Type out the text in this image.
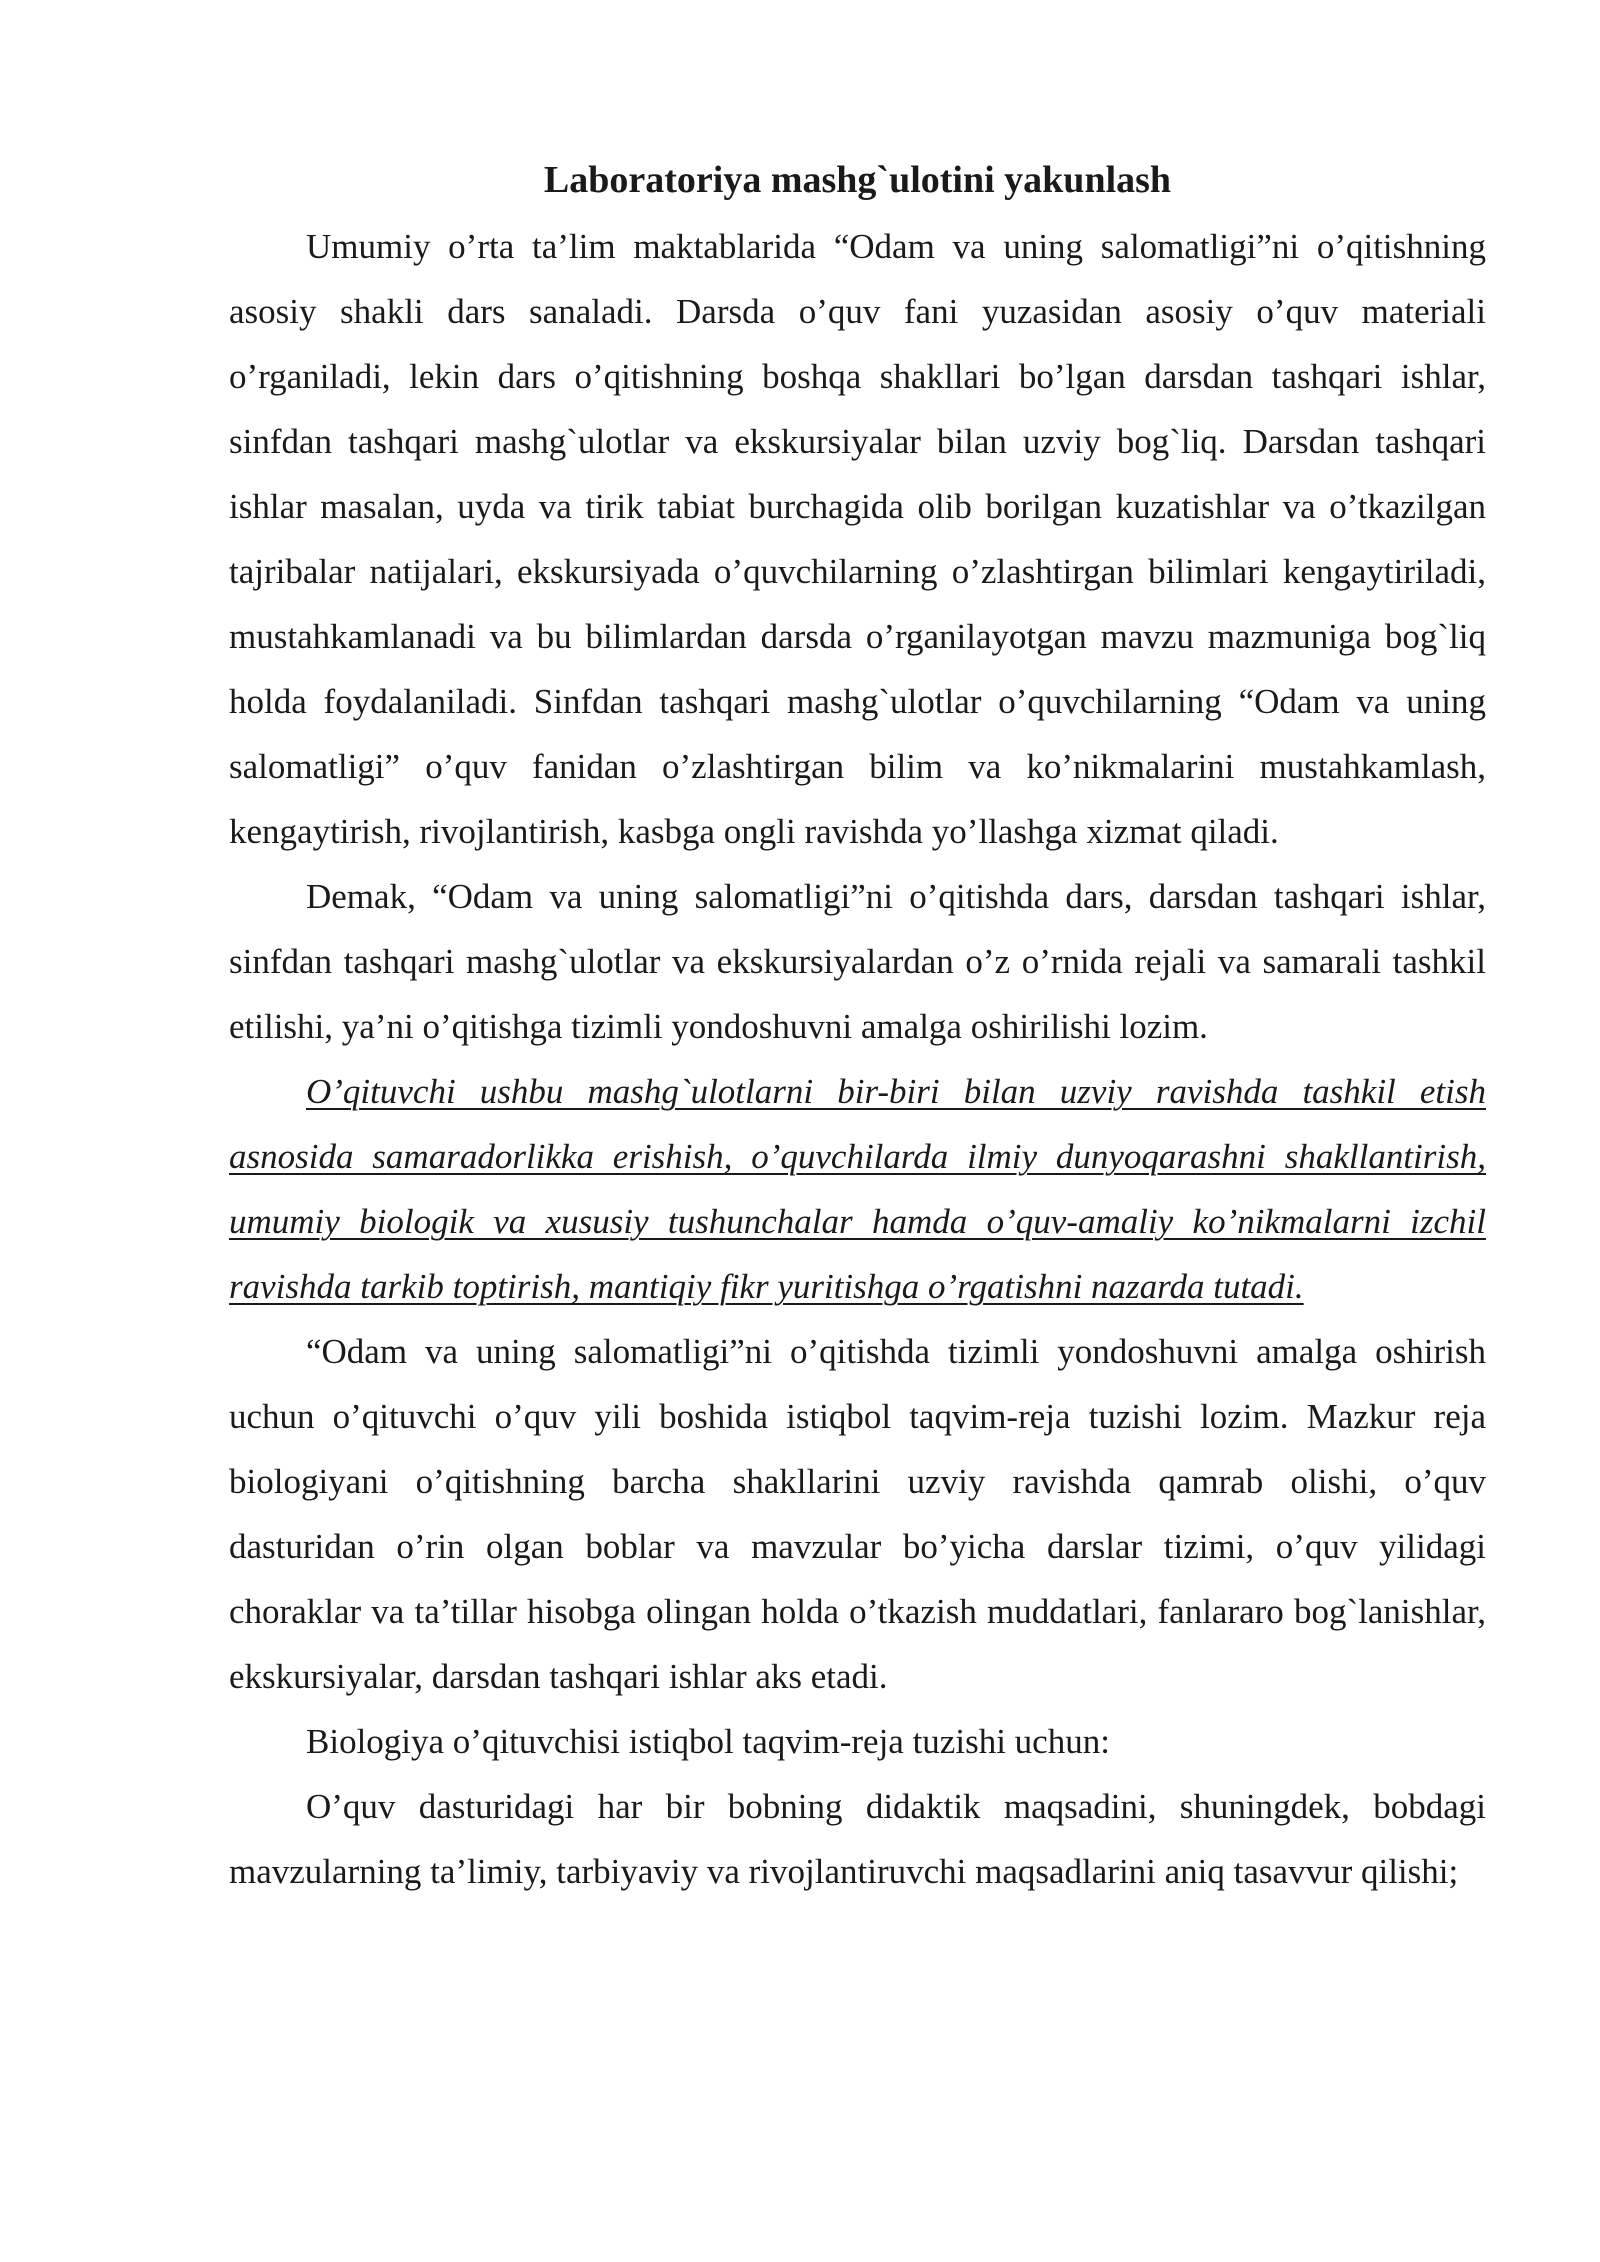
Laboratoriya mashg`ulotini yakunlash

Umumiy o’rta ta’lim maktablarida “Odam va uning salomatligi”ni o’qitishning asosiy shakli dars sanaladi. Darsda o’quv fani yuzasidan asosiy o’quv materiali o’rganiladi, lekin dars o’qitishning boshqa shakllari bo’lgan darsdan tashqari ishlar, sinfdan tashqari mashg`ulotlar va ekskursiyalar bilan uzviy bog`liq. Darsdan tashqari ishlar masalan, uyda va tirik tabiat burchagida olib borilgan kuzatishlar va o’tkazilgan tajribalar natijalari, ekskursiyada o’quvchilarning o’zlashtirgan bilimlari kengaytiriladi, mustahkamlanadi va bu bilimlardan darsda o’rganilayotgan mavzu mazmuniga bog`liq holda foydalaniladi. Sinfdan tashqari mashg`ulotlar o’quvchilarning “Odam va uning salomatligi” o’quv fanidan o’zlashtirgan bilim va ko’nikmalarini mustahkamlash, kengaytirish, rivojlantirish, kasbga ongli ravishda yo’llashga xizmat qiladi.

Demak, “Odam va uning salomatligi”ni o’qitishda dars, darsdan tashqari ishlar, sinfdan tashqari mashg`ulotlar va ekskursiyalardan o’z o’rnida rejali va samarali tashkil etilishi, ya’ni o’qitishga tizimli yondoshuvni amalga oshirilishi lozim.

O’qituvchi ushbu mashg`ulotlarni bir-biri bilan uzviy ravishda tashkil etish asnosida samaradorlikka erishish, o’quvchilarda ilmiy dunyoqarashni shakllantirish, umumiy biologik va xususiy tushunchalar hamda o’quv-amaliy ko’nikmalarni izchil ravishda tarkib toptirish, mantiqiy fikr yuritishga o’rgatishni nazarda tutadi.

“Odam va uning salomatligi”ni o’qitishda tizimli yondoshuvni amalga oshirish uchun o’qituvchi o’quv yili boshida istiqbol taqvim-reja tuzishi lozim. Mazkur reja biologiyani o’qitishning barcha shakllarini uzviy ravishda qamrab olishi, o’quv dasturidan o’rin olgan boblar va mavzular bo’yicha darslar tizimi, o’quv yilidagi choraklar va ta’tillar hisobga olingan holda o’tkazish muddatlari, fanlararo bog`lanishlar, ekskursiyalar, darsdan tashqari ishlar aks etadi.

Biologiya o’qituvchisi istiqbol taqvim-reja tuzishi uchun:

O’quv dasturidagi har bir bobning didaktik maqsadini, shuningdek, bobdagi mavzularning ta’limiy, tarbiyaviy va rivojlantiruvchi maqsadlarini aniq tasavvur qilishi;
